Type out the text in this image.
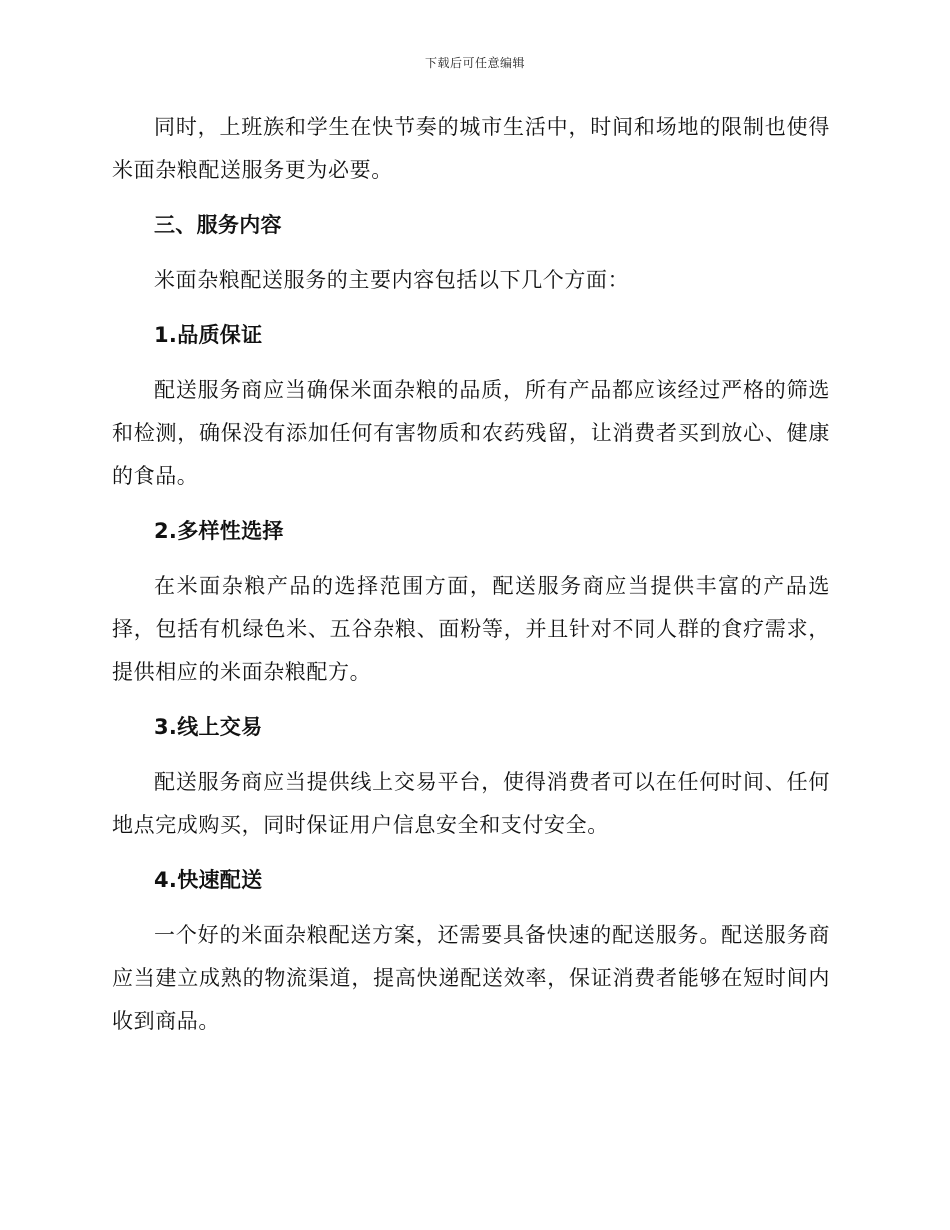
下载后可任意编辑

同时，上班族和学生在快节奏的城市生活中，时间和场地的限制也使得米面杂粮配送服务更为必要。

三、服务内容

米面杂粮配送服务的主要内容包括以下几个方面：

1.品质保证

配送服务商应当确保米面杂粮的品质，所有产品都应该经过严格的筛选和检测，确保没有添加任何有害物质和农药残留，让消费者买到放心、健康的食品。

2.多样性选择

在米面杂粮产品的选择范围方面，配送服务商应当提供丰富的产品选择，包括有机绿色米、五谷杂粮、面粉等，并且针对不同人群的食疗需求，提供相应的米面杂粮配方。

3.线上交易

配送服务商应当提供线上交易平台，使得消费者可以在任何时间、任何地点完成购买，同时保证用户信息安全和支付安全。

4.快速配送

一个好的米面杂粮配送方案，还需要具备快速的配送服务。配送服务商应当建立成熟的物流渠道，提高快递配送效率，保证消费者能够在短时间内收到商品。
